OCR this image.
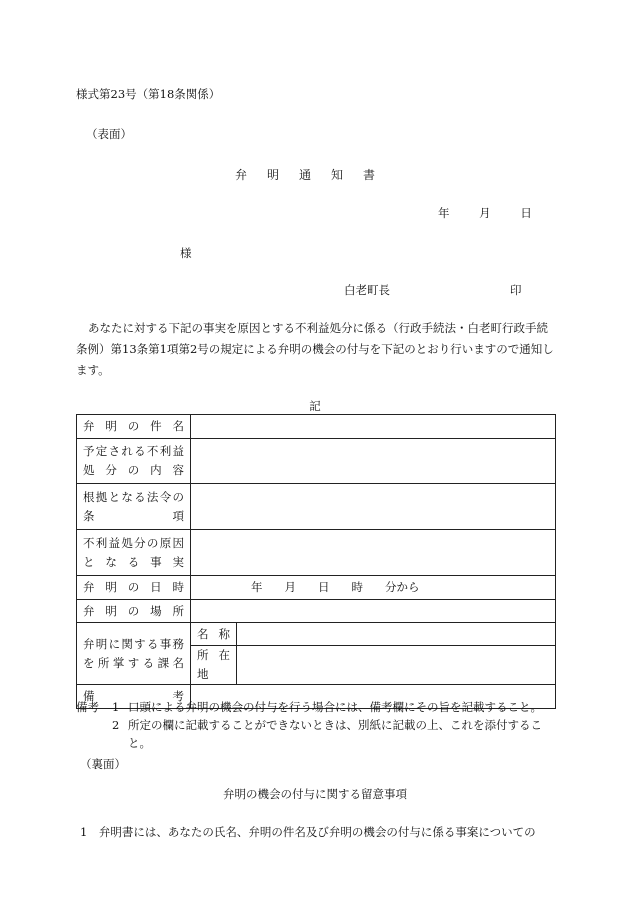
様式第23号（第18条関係）
（表面）
弁明通知書
年	月	日
様
白老町長	印
あなたに対する下記の事実を原因とする不利益処分に係る（行政手続法・白老町行政手続条例）第13条第1項第2号の規定による弁明の機会の付与を下記のとおり行いますので通知します。
記
弁明の件名		
予定される不利益処分の内容		
根拠となる法令の条項		
不利益処分の原因となる事実		
弁明の日時	年 月 日 時 分から	
弁明の場所		
弁明に関する事務を所掌する課名	名称	
	所在地	
備考		
備考	1 口頭による弁明の機会の付与を行う場合には、備考欄にその旨を記載すること。
2 所定の欄に記載することができないときは、別紙に記載の上、これを添付すること。
（裏面）
弁明の機会の付与に関する留意事項
1　弁明書には、あなたの氏名、弁明の件名及び弁明の機会の付与に係る事案についての
